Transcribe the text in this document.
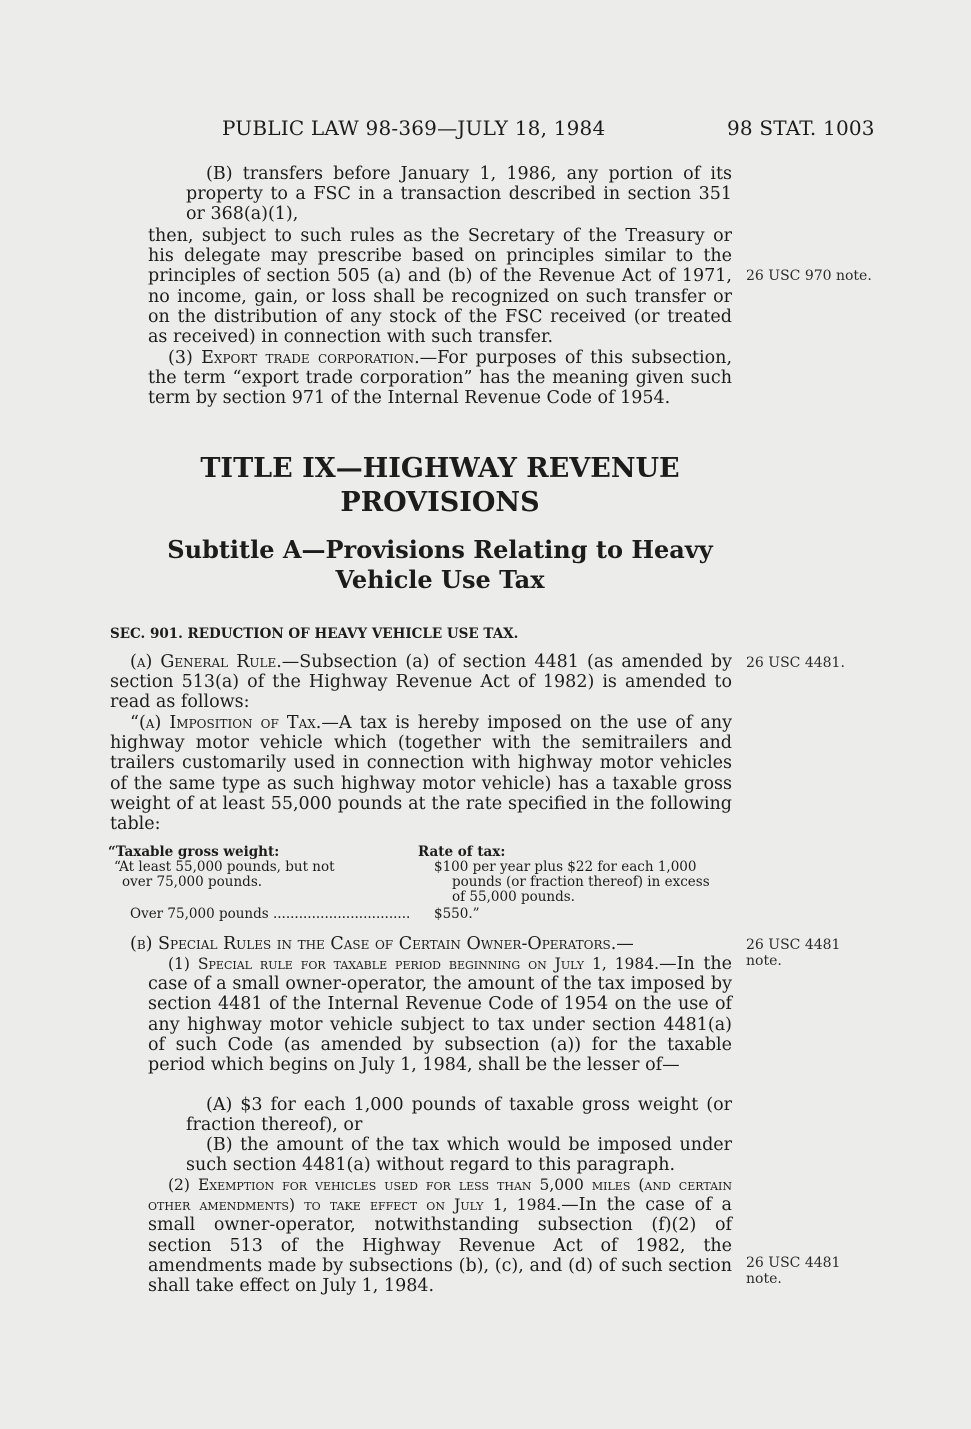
PUBLIC LAW 98-369—JULY 18, 1984	98 STAT. 1003

(B) transfers before January 1, 1986, any portion of its property to a FSC in a transaction described in section 351 or 368(a)(1),

then, subject to such rules as the Secretary of the Treasury or his delegate may prescribe based on principles similar to the principles of section 505 (a) and (b) of the Revenue Act of 1971, no income, gain, or loss shall be recognized on such transfer or on the distribution of any stock of the FSC received (or treated as received) in connection with such transfer.

(3) Export trade corporation.—For purposes of this subsection, the term “export trade corporation” has the meaning given such term by section 971 of the Internal Revenue Code of 1954.

TITLE IX—HIGHWAY REVENUE
PROVISIONS
Subtitle A—Provisions Relating to Heavy
Vehicle Use Tax
SEC. 901. REDUCTION OF HEAVY VEHICLE USE TAX.

(a) General Rule.—Subsection (a) of section 4481 (as amended by section 513(a) of the Highway Revenue Act of 1982) is amended to read as follows:

“(a) Imposition of Tax.—A tax is hereby imposed on the use of any highway motor vehicle which (together with the semitrailers and trailers customarily used in connection with highway motor vehicles of the same type as such highway motor vehicle) has a taxable gross weight of at least 55,000 pounds at the rate specified in the following table:

“Taxable gross weight:	Rate of tax:
“At least 55,000 pounds, but not
over 75,000 pounds.
$100 per year plus $22 for each 1,000
pounds (or fraction thereof) in excess
of 55,000 pounds.
Over 75,000 pounds ................................ $550.”

(b) Special Rules in the Case of Certain Owner-Operators.—

(1) Special rule for taxable period beginning on July 1, 1984.—In the case of a small owner-operator, the amount of the tax imposed by section 4481 of the Internal Revenue Code of 1954 on the use of any highway motor vehicle subject to tax under section 4481(a) of such Code (as amended by subsection (a)) for the taxable period which begins on July 1, 1984, shall be the lesser of—

(A) $3 for each 1,000 pounds of taxable gross weight (or fraction thereof), or

(B) the amount of the tax which would be imposed under such section 4481(a) without regard to this paragraph.

(2) Exemption for vehicles used for less than 5,000 miles (and certain other amendments) to take effect on July 1, 1984.—In the case of a small owner-operator, notwithstanding subsection (f)(2) of section 513 of the Highway Revenue Act of 1982, the amendments made by subsections (b), (c), and (d) of such section shall take effect on July 1, 1984.

26 USC 970 note.
26 USC 4481.
26 USC 4481
note.
26 USC 4481
note.
